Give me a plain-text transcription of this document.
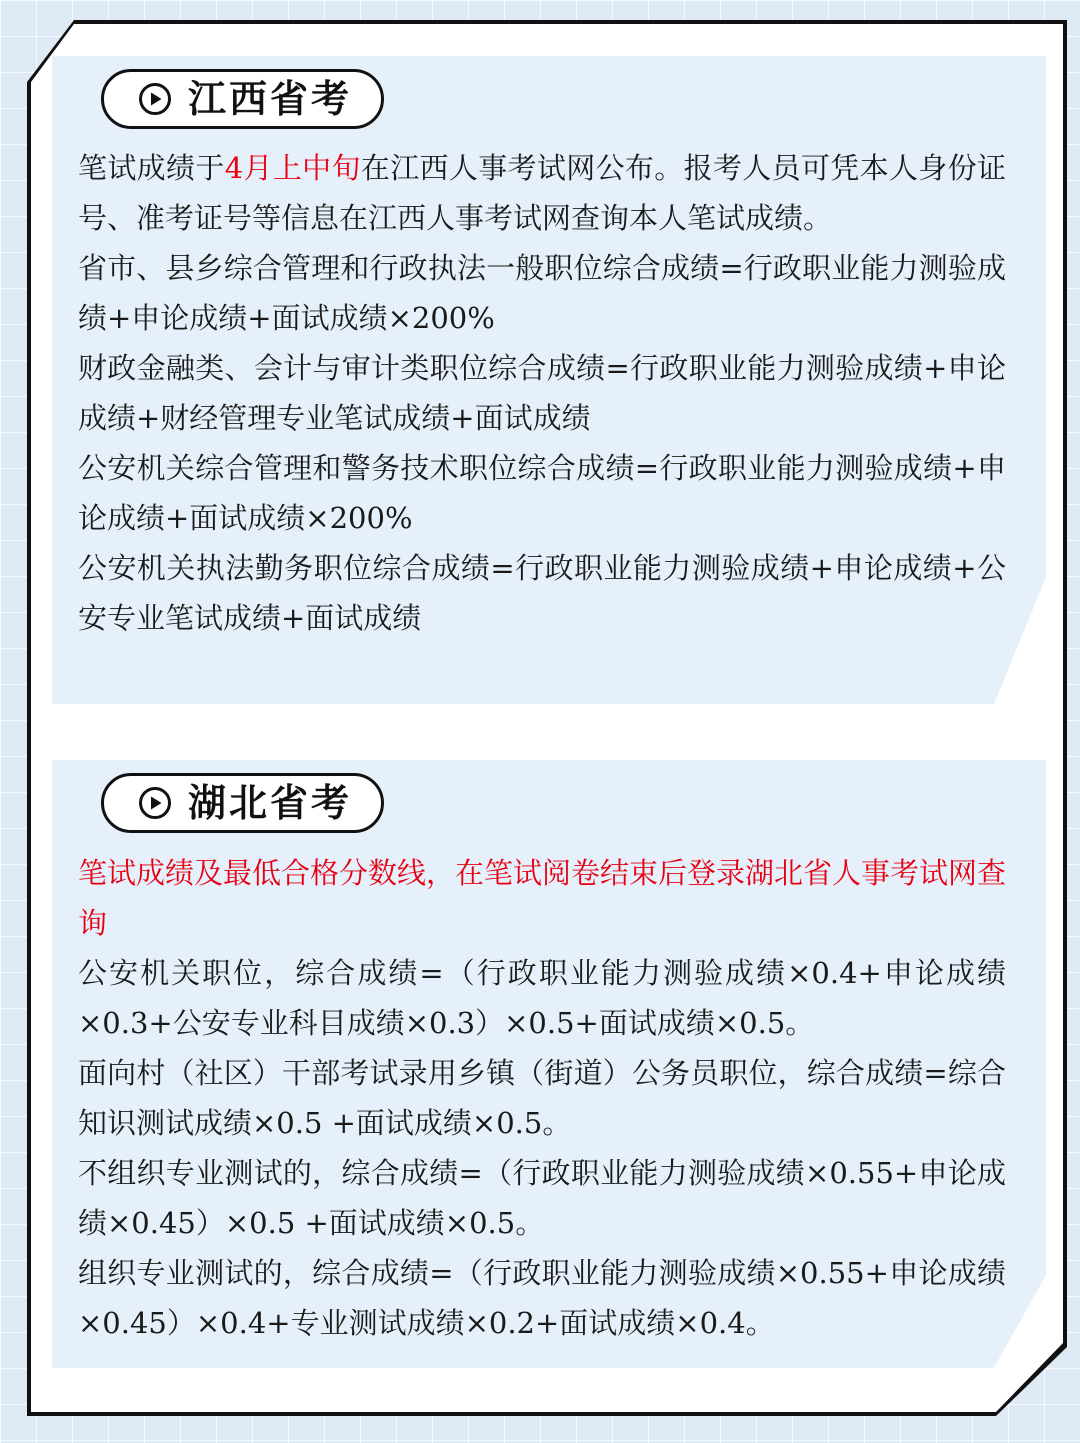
江西省考

笔试成绩于4月上中旬在江西人事考试网公布。报考人员可凭本人身份证号、准考证号等信息在江西人事考试网查询本人笔试成绩。

省市、县乡综合管理和行政执法一般职位综合成绩=行政职业能力测验成绩+申论成绩+面试成绩×200%

财政金融类、会计与审计类职位综合成绩=行政职业能力测验成绩+申论成绩+财经管理专业笔试成绩+面试成绩

公安机关综合管理和警务技术职位综合成绩=行政职业能力测验成绩+申论成绩+面试成绩×200%

公安机关执法勤务职位综合成绩=行政职业能力测验成绩+申论成绩+公安专业笔试成绩+面试成绩

湖北省考

笔试成绩及最低合格分数线，在笔试阅卷结束后登录湖北省人事考试网查询

公安机关职位，综合成绩=（行政职业能力测验成绩×0.4+申论成绩×0.3+公安专业科目成绩×0.3）×0.5+面试成绩×0.5。

面向村（社区）干部考试录用乡镇（街道）公务员职位，综合成绩=综合知识测试成绩×0.5 +面试成绩×0.5。

不组织专业测试的，综合成绩=（行政职业能力测验成绩×0.55+申论成绩×0.45）×0.5 +面试成绩×0.5。

组织专业测试的，综合成绩=（行政职业能力测验成绩×0.55+申论成绩×0.45）×0.4+专业测试成绩×0.2+面试成绩×0.4。
